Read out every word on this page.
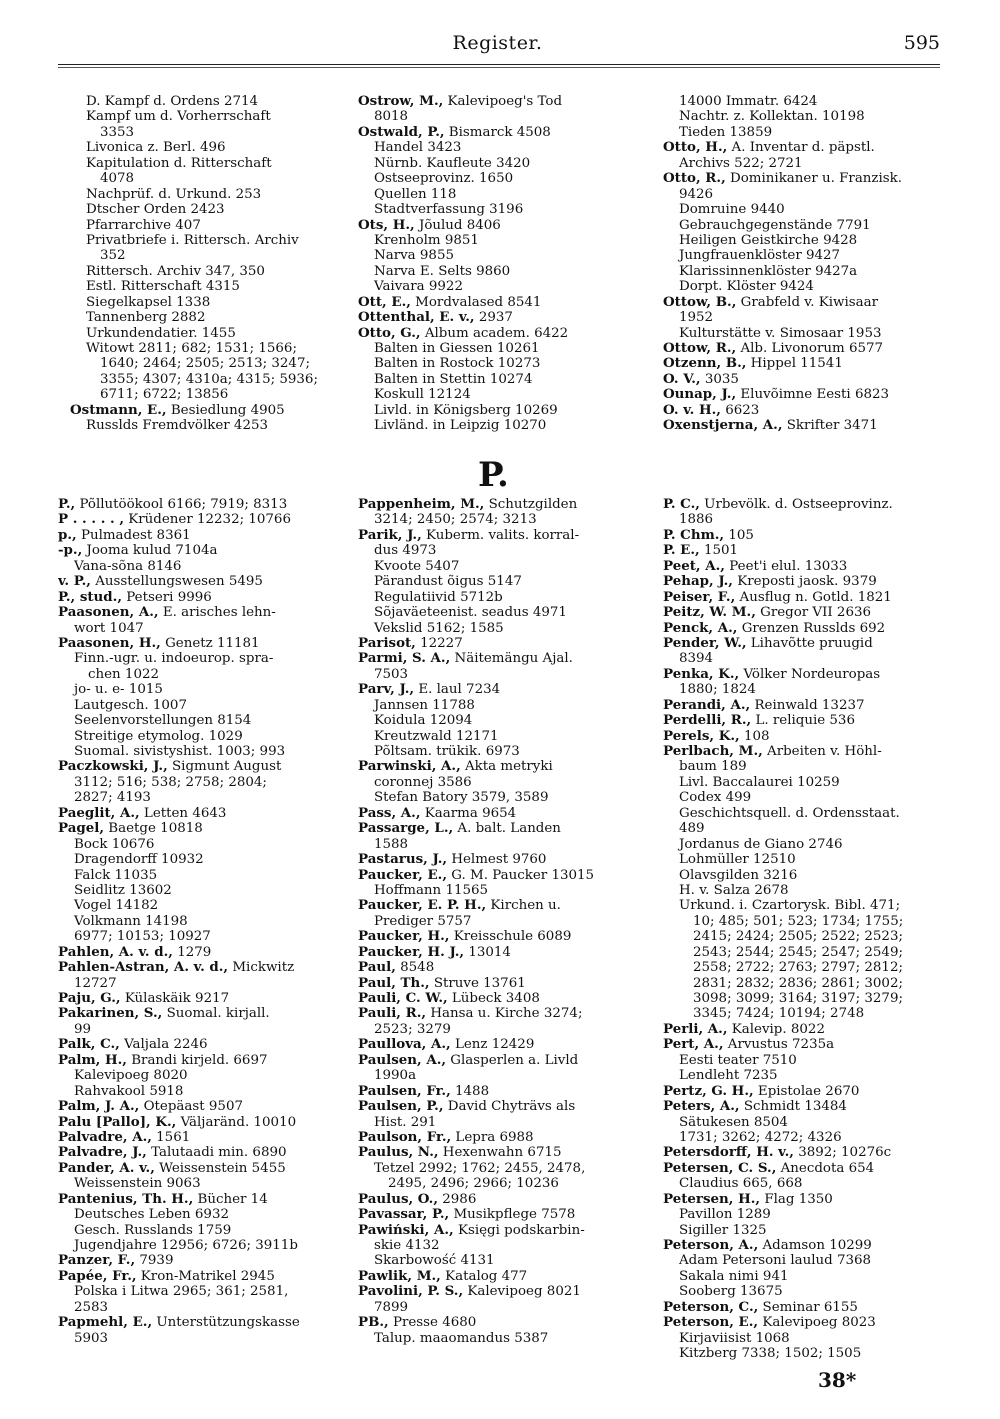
Register.	595
D. Kampf d. Ordens 2714
Kampf um d. Vorherrschaft
3353
Livonica z. Berl. 496
Kapitulation d. Ritterschaft
4078
Nachprüf. d. Urkund. 253
Dtscher Orden 2423
Pfarrarchive 407
Privatbriefe i. Rittersch. Archiv
352
Rittersch. Archiv 347, 350
Estl. Ritterschaft 4315
Siegelkapsel 1338
Tannenberg 2882
Urkundendatier. 1455
Witowt 2811; 682; 1531; 1566;
1640; 2464; 2505; 2513; 3247;
3355; 4307; 4310a; 4315; 5936;
6711; 6722; 13856
Ostmann, E., Besiedlung 4905
Russlds Fremdvölker 4253
Ostrow, M., Kalevipoeg's Tod
8018
Ostwald, P., Bismarck 4508
Handel 3423
Nürnb. Kaufleute 3420
Ostseeprovinz. 1650
Quellen 118
Stadtverfassung 3196
Ots, H., Jõulud 8406
Krenholm 9851
Narva 9855
Narva E. Selts 9860
Vaivara 9922
Ott, E., Mordvalased 8541
Ottenthal, E. v., 2937
Otto, G., Album academ. 6422
Balten in Giessen 10261
Balten in Rostock 10273
Balten in Stettin 10274
Koskull 12124
Livld. in Königsberg 10269
Livländ. in Leipzig 10270
14000 Immatr. 6424
Nachtr. z. Kollektan. 10198
Tieden 13859
Otto, H., A. Inventar d. päpstl.
Archivs 522; 2721
Otto, R., Dominikaner u. Franzisk.
9426
Domruine 9440
Gebrauchgegenstände 7791
Heiligen Geistkirche 9428
Jungfrauenklöster 9427
Klarissinnenklöster 9427a
Dorpt. Klöster 9424
Ottow, B., Grabfeld v. Kiwisaar
1952
Kulturstätte v. Simosaar 1953
Ottow, R., Alb. Livonorum 6577
Otzenn, B., Hippel 11541
O. V., 3035
Ounap, J., Eluvõimne Eesti 6823
O. v. H., 6623
Oxenstjerna, A., Skrifter 3471
P.
P., Põllutöökool 6166; 7919; 8313
P . . . . . , Krüdener 12232; 10766
p., Pulmadest 8361
-p., Jooma kulud 7104a
Vana-sõna 8146
v. P., Ausstellungswesen 5495
P., stud., Petseri 9996
Paasonen, A., E. arisches lehn-
wort 1047
Paasonen, H., Genetz 11181
Finn.-ugr. u. indoeurop. spra-
chen 1022
jo- u. e- 1015
Lautgesch. 1007
Seelenvorstellungen 8154
Streitige etymolog. 1029
Suomal. sivistyshist. 1003; 993
Paczkowski, J., Sigmunt August
3112; 516; 538; 2758; 2804;
2827; 4193
Paeglit, A., Letten 4643
Pagel, Baetge 10818
Bock 10676
Dragendorff 10932
Falck 11035
Seidlitz 13602
Vogel 14182
Volkmann 14198
6977; 10153; 10927
Pahlen, A. v. d., 1279
Pahlen-Astran, A. v. d., Mickwitz
12727
Paju, G., Külaskäik 9217
Pakarinen, S., Suomal. kirjall.
99
Palk, C., Valjala 2246
Palm, H., Brandi kirjeld. 6697
Kalevipoeg 8020
Rahvakool 5918
Palm, J. A., Otepäast 9507
Palu [Pallo], K., Väljaränd. 10010
Palvadre, A., 1561
Palvadre, J., Talutaadi min. 6890
Pander, A. v., Weissenstein 5455
Weissenstein 9063
Pantenius, Th. H., Bücher 14
Deutsches Leben 6932
Gesch. Russlands 1759
Jugendjahre 12956; 6726; 3911b
Panzer, F., 7939
Papée, Fr., Kron-Matrikel 2945
Polska i Litwa 2965; 361; 2581,
2583
Papmehl, E., Unterstützungskasse
5903
Pappenheim, M., Schutzgilden
3214; 2450; 2574; 3213
Parik, J., Kuberm. valits. korral-
dus 4973
Kvoote 5407
Pärandust õigus 5147
Regulatiivid 5712b
Sõjaväeteenist. seadus 4971
Vekslid 5162; 1585
Parisot, 12227
Parmi, S. A., Näitemängu Ajal.
7503
Parv, J., E. laul 7234
Jannsen 11788
Koidula 12094
Kreutzwald 12171
Põltsam. trükik. 6973
Parwinski, A., Akta metryki
coronnej 3586
Stefan Batory 3579, 3589
Pass, A., Kaarma 9654
Passarge, L., A. balt. Landen
1588
Pastarus, J., Helmest 9760
Paucker, E., G. M. Paucker 13015
Hoffmann 11565
Paucker, E. P. H., Kirchen u.
Prediger 5757
Paucker, H., Kreisschule 6089
Paucker, H. J., 13014
Paul, 8548
Paul, Th., Struve 13761
Pauli, C. W., Lübeck 3408
Pauli, R., Hansa u. Kirche 3274;
2523; 3279
Paullova, A., Lenz 12429
Paulsen, A., Glasperlen a. Livld
1990a
Paulsen, Fr., 1488
Paulsen, P., David Chyträvs als
Hist. 291
Paulson, Fr., Lepra 6988
Paulus, N., Hexenwahn 6715
Tetzel 2992; 1762; 2455, 2478,
2495, 2496; 2966; 10236
Paulus, O., 2986
Pavassar, P., Musikpflege 7578
Pawiński, A., Księgi podskarbin-
skie 4132
Skarbowość 4131
Pawlik, M., Katalog 477
Pavolini, P. S., Kalevipoeg 8021
7899
PB., Presse 4680
Talup. maaomandus 5387
P. C., Urbevölk. d. Ostseeprovinz.
1886
P. Chm., 105
P. E., 1501
Peet, A., Peet'i elul. 13033
Pehap, J., Kreposti jaosk. 9379
Peiser, F., Ausflug n. Gotld. 1821
Peitz, W. M., Gregor VII 2636
Penck, A., Grenzen Russlds 692
Pender, W., Lihavõtte pruugid
8394
Penka, K., Völker Nordeuropas
1880; 1824
Perandi, A., Reinwald 13237
Perdelli, R., L. reliquie 536
Perels, K., 108
Perlbach, M., Arbeiten v. Höhl-
baum 189
Livl. Baccalaurei 10259
Codex 499
Geschichtsquell. d. Ordensstaat.
489
Jordanus de Giano 2746
Lohmüller 12510
Olavsgilden 3216
H. v. Salza 2678
Urkund. i. Czartorysk. Bibl. 471;
10; 485; 501; 523; 1734; 1755;
2415; 2424; 2505; 2522; 2523;
2543; 2544; 2545; 2547; 2549;
2558; 2722; 2763; 2797; 2812;
2831; 2832; 2836; 2861; 3002;
3098; 3099; 3164; 3197; 3279;
3345; 7424; 10194; 2748
Perli, A., Kalevip. 8022
Pert, A., Arvustus 7235a
Eesti teater 7510
Lendleht 7235
Pertz, G. H., Epistolae 2670
Peters, A., Schmidt 13484
Sätukesen 8504
1731; 3262; 4272; 4326
Petersdorff, H. v., 3892; 10276c
Petersen, C. S., Anecdota 654
Claudius 665, 668
Petersen, H., Flag 1350
Pavillon 1289
Sigiller 1325
Peterson, A., Adamson 10299
Adam Petersoni laulud 7368
Sakala nimi 941
Sooberg 13675
Peterson, C., Seminar 6155
Peterson, E., Kalevipoeg 8023
Kirjaviisist 1068
Kitzberg 7338; 1502; 1505
38*
